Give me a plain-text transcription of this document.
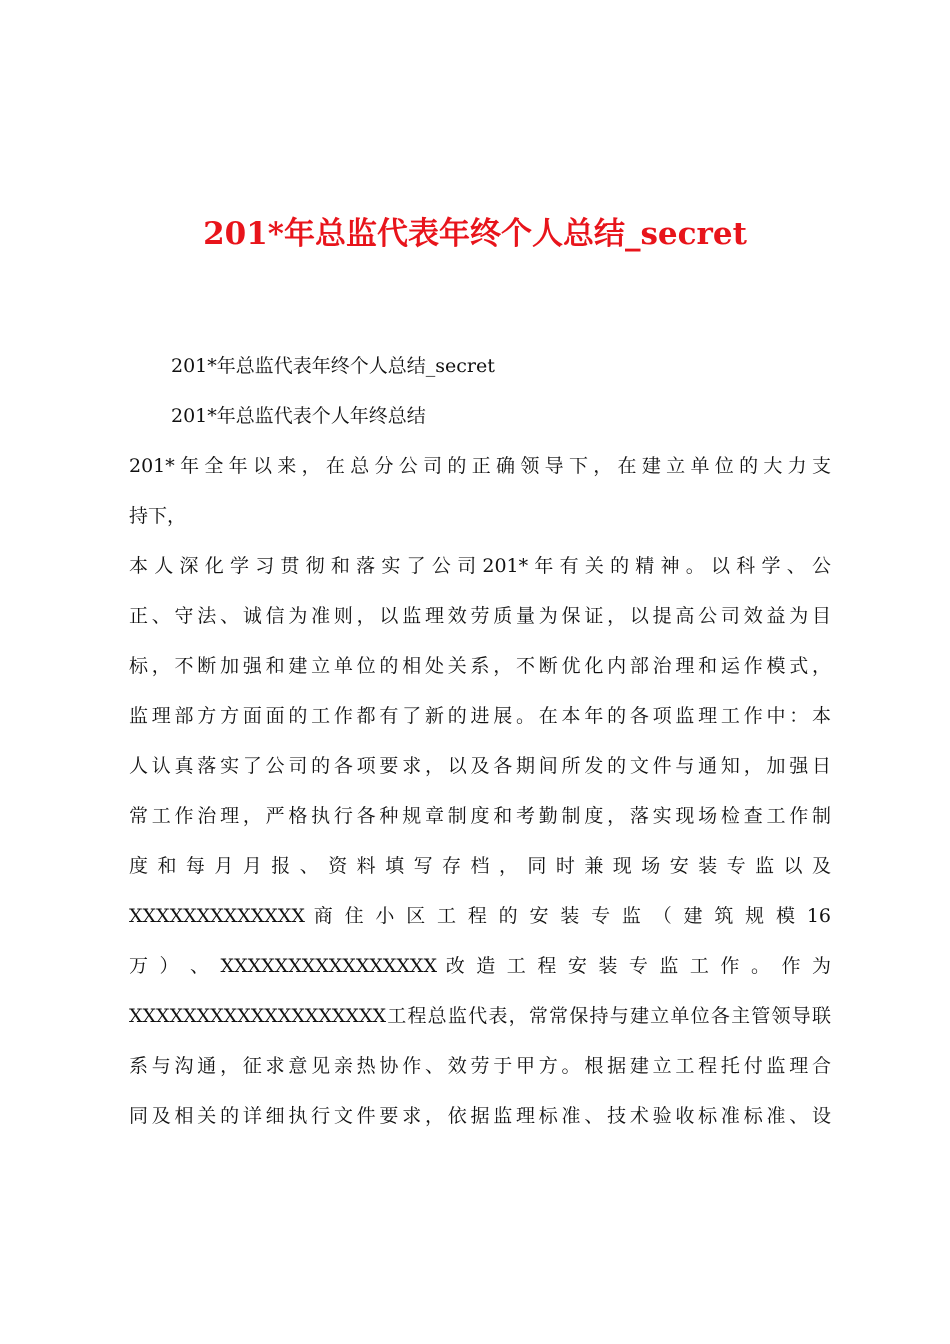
201*年总监代表年终个人总结_secret

201*年总监代表年终个人总结_secret

201*年总监代表个人年终总结

201*年全年以来，在总分公司的正确领导下，在建立单位的大力支
持下，

本人深化学习贯彻和落实了公司201*年有关的精神。以科学、公
正、守法、诚信为准则，以监理效劳质量为保证，以提高公司效益为目
标，不断加强和建立单位的相处关系，不断优化内部治理和运作模式，
监理部方方面面的工作都有了新的进展。在本年的各项监理工作中：本
人认真落实了公司的各项要求，以及各期间所发的文件与通知，加强日
常工作治理，严格执行各种规章制度和考勤制度，落实现场检查工作制
度 和 每 月 月 报 、 资 料 填 写 存 档 ， 同 时 兼 现 场 安 装 专 监 以 及
XXXXXXXXXXXXX 商 住 小 区 工 程 的 安 装 专 监 （ 建 筑 规 模 16
万 ） 、 XXXXXXXXXXXXXXXX 改 造 工 程 安 装 专 监 工 作 。 作 为
XXXXXXXXXXXXXXXXXXX工程总监代表，常常保持与建立单位各主管领导联
系与沟通，征求意见亲热协作、效劳于甲方。根据建立工程托付监理合
同及相关的详细执行文件要求，依据监理标准、技术验收标准标准、设
